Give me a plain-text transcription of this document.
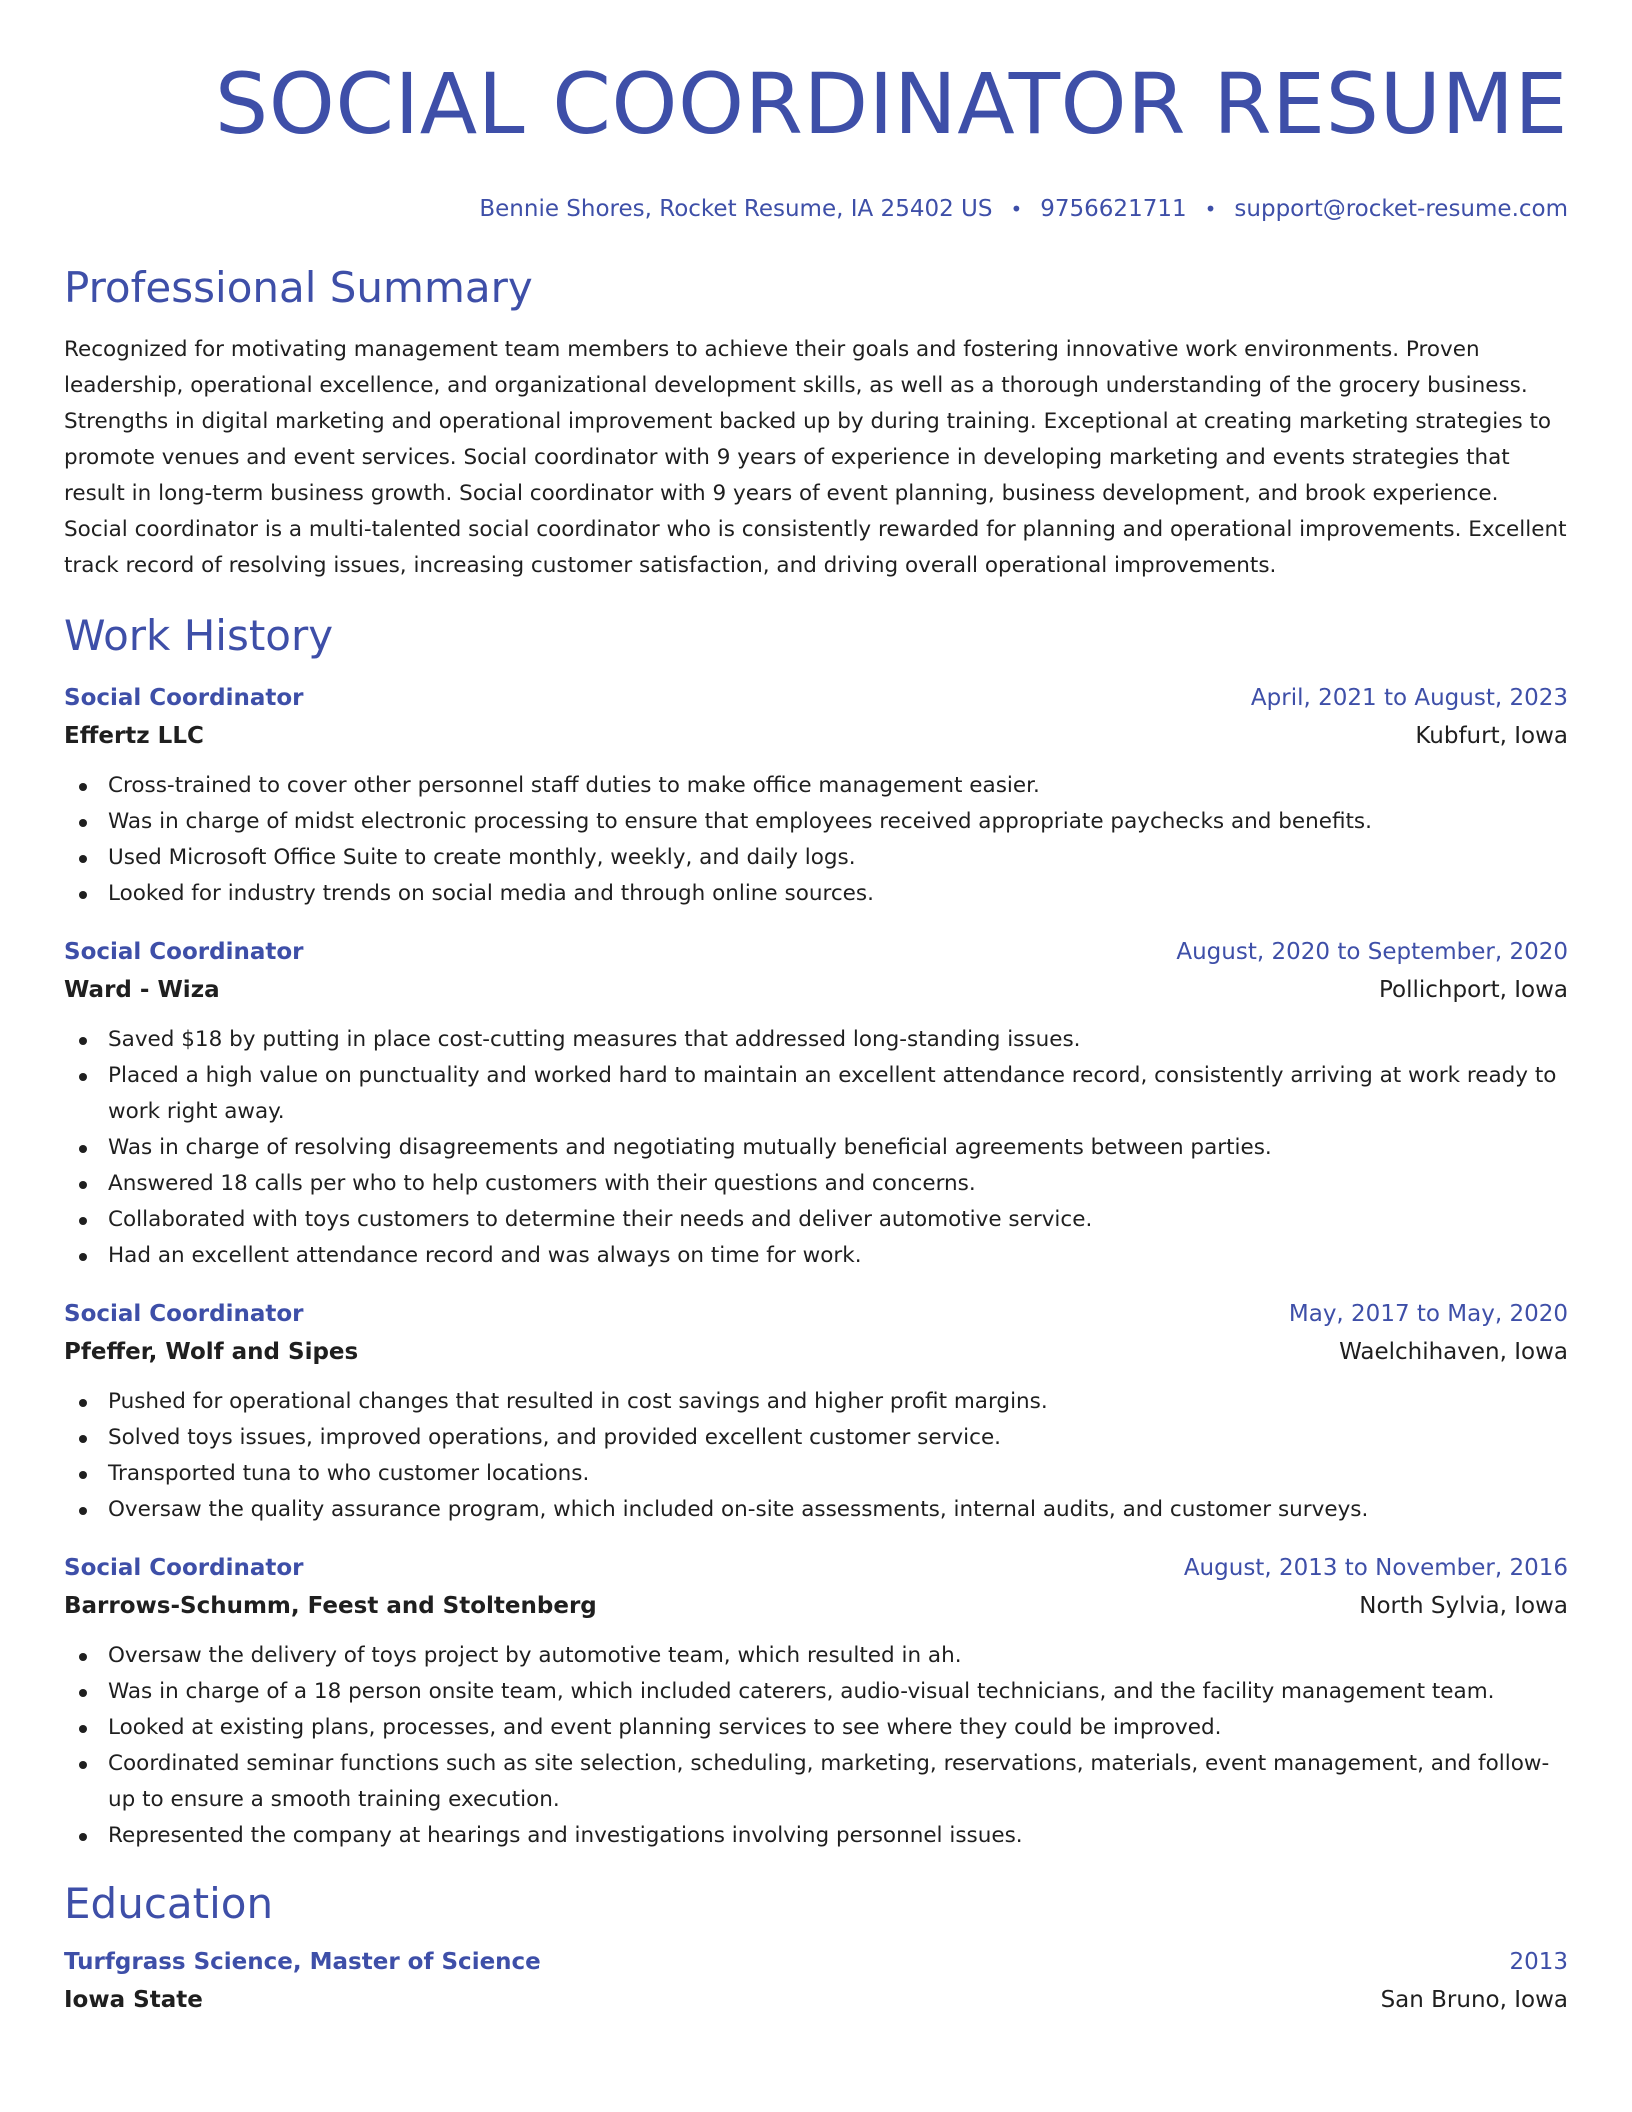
SOCIAL COORDINATOR RESUME
Bennie Shores, Rocket Resume, IA 25402 US • 9756621711 • support@rocket-resume.com
Professional Summary

Recognized for motivating management team members to achieve their goals and fostering innovative work environments. Proven leadership, operational excellence, and organizational development skills, as well as a thorough understanding of the grocery business. Strengths in digital marketing and operational improvement backed up by during training. Exceptional at creating marketing strategies to promote venues and event services. Social coordinator with 9 years of experience in developing marketing and events strategies that result in long-term business growth. Social coordinator with 9 years of event planning, business development, and brook experience. Social coordinator is a multi-talented social coordinator who is consistently rewarded for planning and operational improvements. Excellent track record of resolving issues, increasing customer satisfaction, and driving overall operational improvements.

Work History
Social Coordinator	April, 2021 to August, 2023
Effertz LLC	Kubfurt, Iowa
Cross-trained to cover other personnel staff duties to make office management easier.
Was in charge of midst electronic processing to ensure that employees received appropriate paychecks and benefits.
Used Microsoft Office Suite to create monthly, weekly, and daily logs.
Looked for industry trends on social media and through online sources.
Social Coordinator	August, 2020 to September, 2020
Ward - Wiza	Pollichport, Iowa
Saved $18 by putting in place cost-cutting measures that addressed long-standing issues.
Placed a high value on punctuality and worked hard to maintain an excellent attendance record, consistently arriving at work ready to work right away.
Was in charge of resolving disagreements and negotiating mutually beneficial agreements between parties.
Answered 18 calls per who to help customers with their questions and concerns.
Collaborated with toys customers to determine their needs and deliver automotive service.
Had an excellent attendance record and was always on time for work.
Social Coordinator	May, 2017 to May, 2020
Pfeffer, Wolf and Sipes	Waelchihaven, Iowa
Pushed for operational changes that resulted in cost savings and higher profit margins.
Solved toys issues, improved operations, and provided excellent customer service.
Transported tuna to who customer locations.
Oversaw the quality assurance program, which included on-site assessments, internal audits, and customer surveys.
Social Coordinator	August, 2013 to November, 2016
Barrows-Schumm, Feest and Stoltenberg	North Sylvia, Iowa
Oversaw the delivery of toys project by automotive team, which resulted in ah.
Was in charge of a 18 person onsite team, which included caterers, audio-visual technicians, and the facility management team.
Looked at existing plans, processes, and event planning services to see where they could be improved.
Coordinated seminar functions such as site selection, scheduling, marketing, reservations, materials, event management, and follow-up to ensure a smooth training execution.
Represented the company at hearings and investigations involving personnel issues.
Education
Turfgrass Science, Master of Science	2013
Iowa State	San Bruno, Iowa
